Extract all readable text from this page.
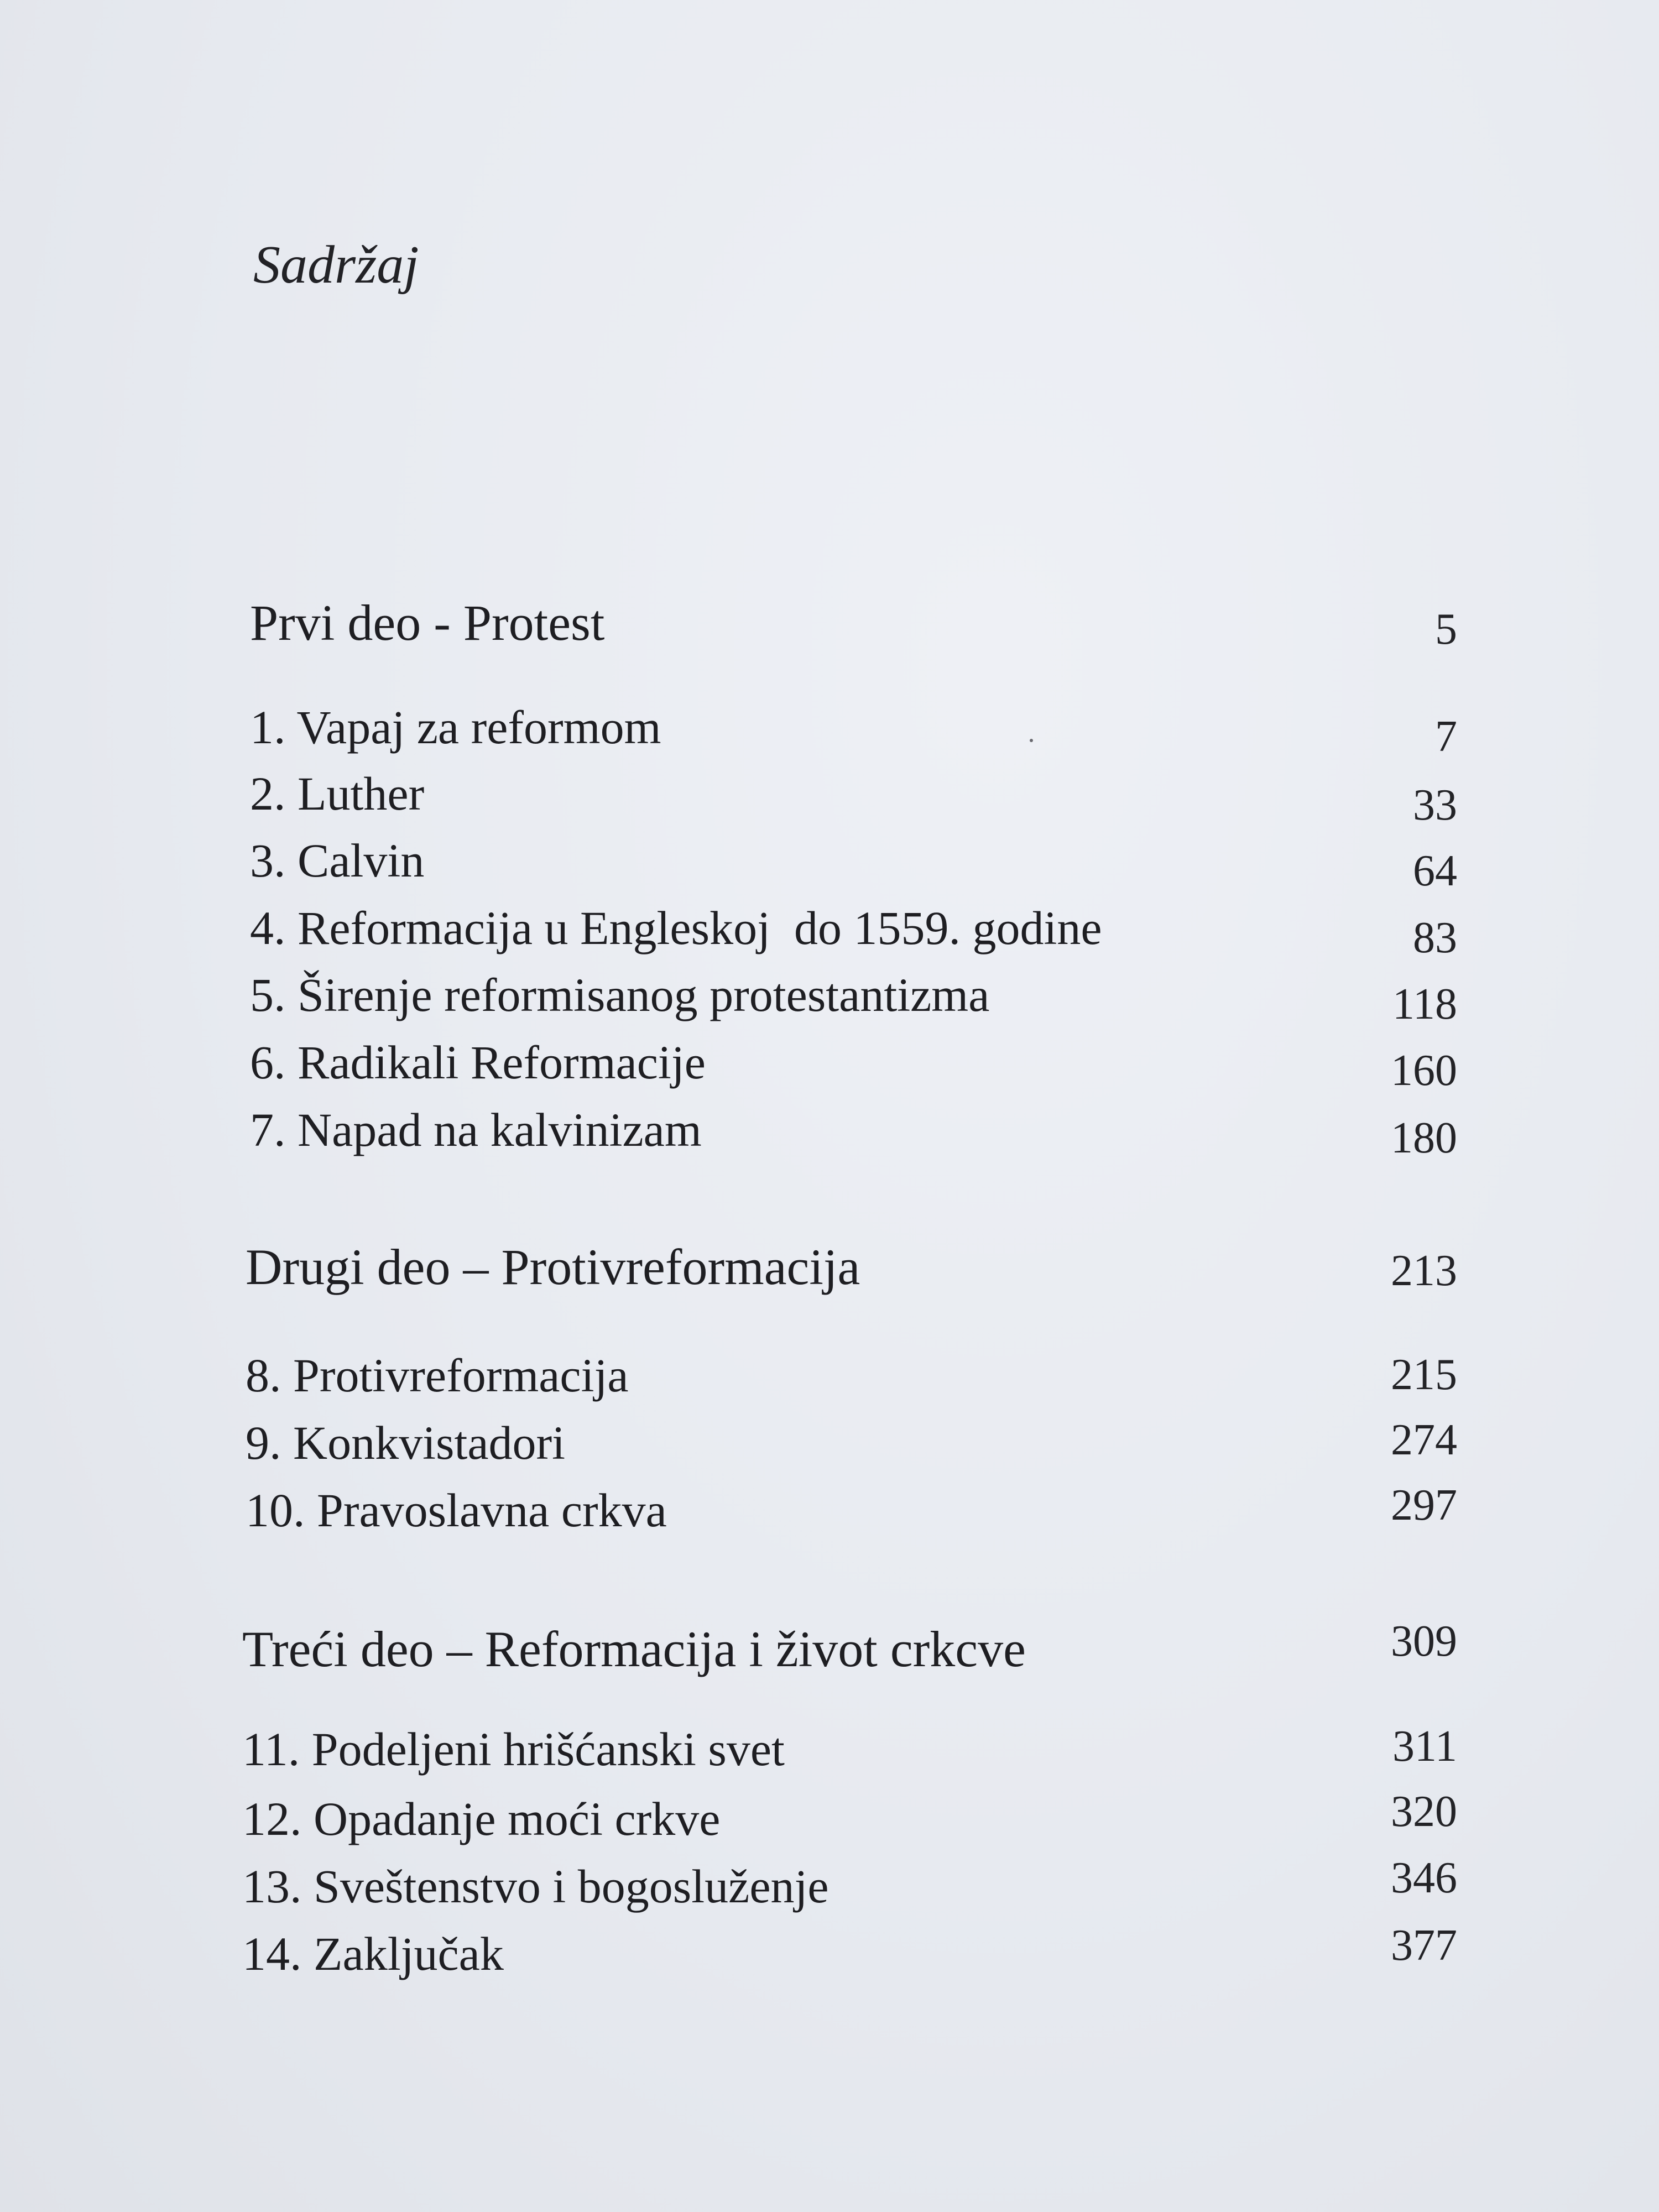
Sadržaj
Prvi deo - Protest	5
1. Vapaj za reformom	7
2. Luther	33
3. Calvin	64
4. Reformacija u Engleskoj  do 1559. godine	83
5. Širenje reformisanog protestantizma	118
6. Radikali Reformacije	160
7. Napad na kalvinizam	180
Drugi deo – Protivreformacija	213
8. Protivreformacija	215
9. Konkvistadori	274
10. Pravoslavna crkva	297
Treći deo – Reformacija i život crkcve	309
11. Podeljeni hrišćanski svet	311
12. Opadanje moći crkve	320
13. Sveštenstvo i bogosluženje	346
14. Zaključak	377
